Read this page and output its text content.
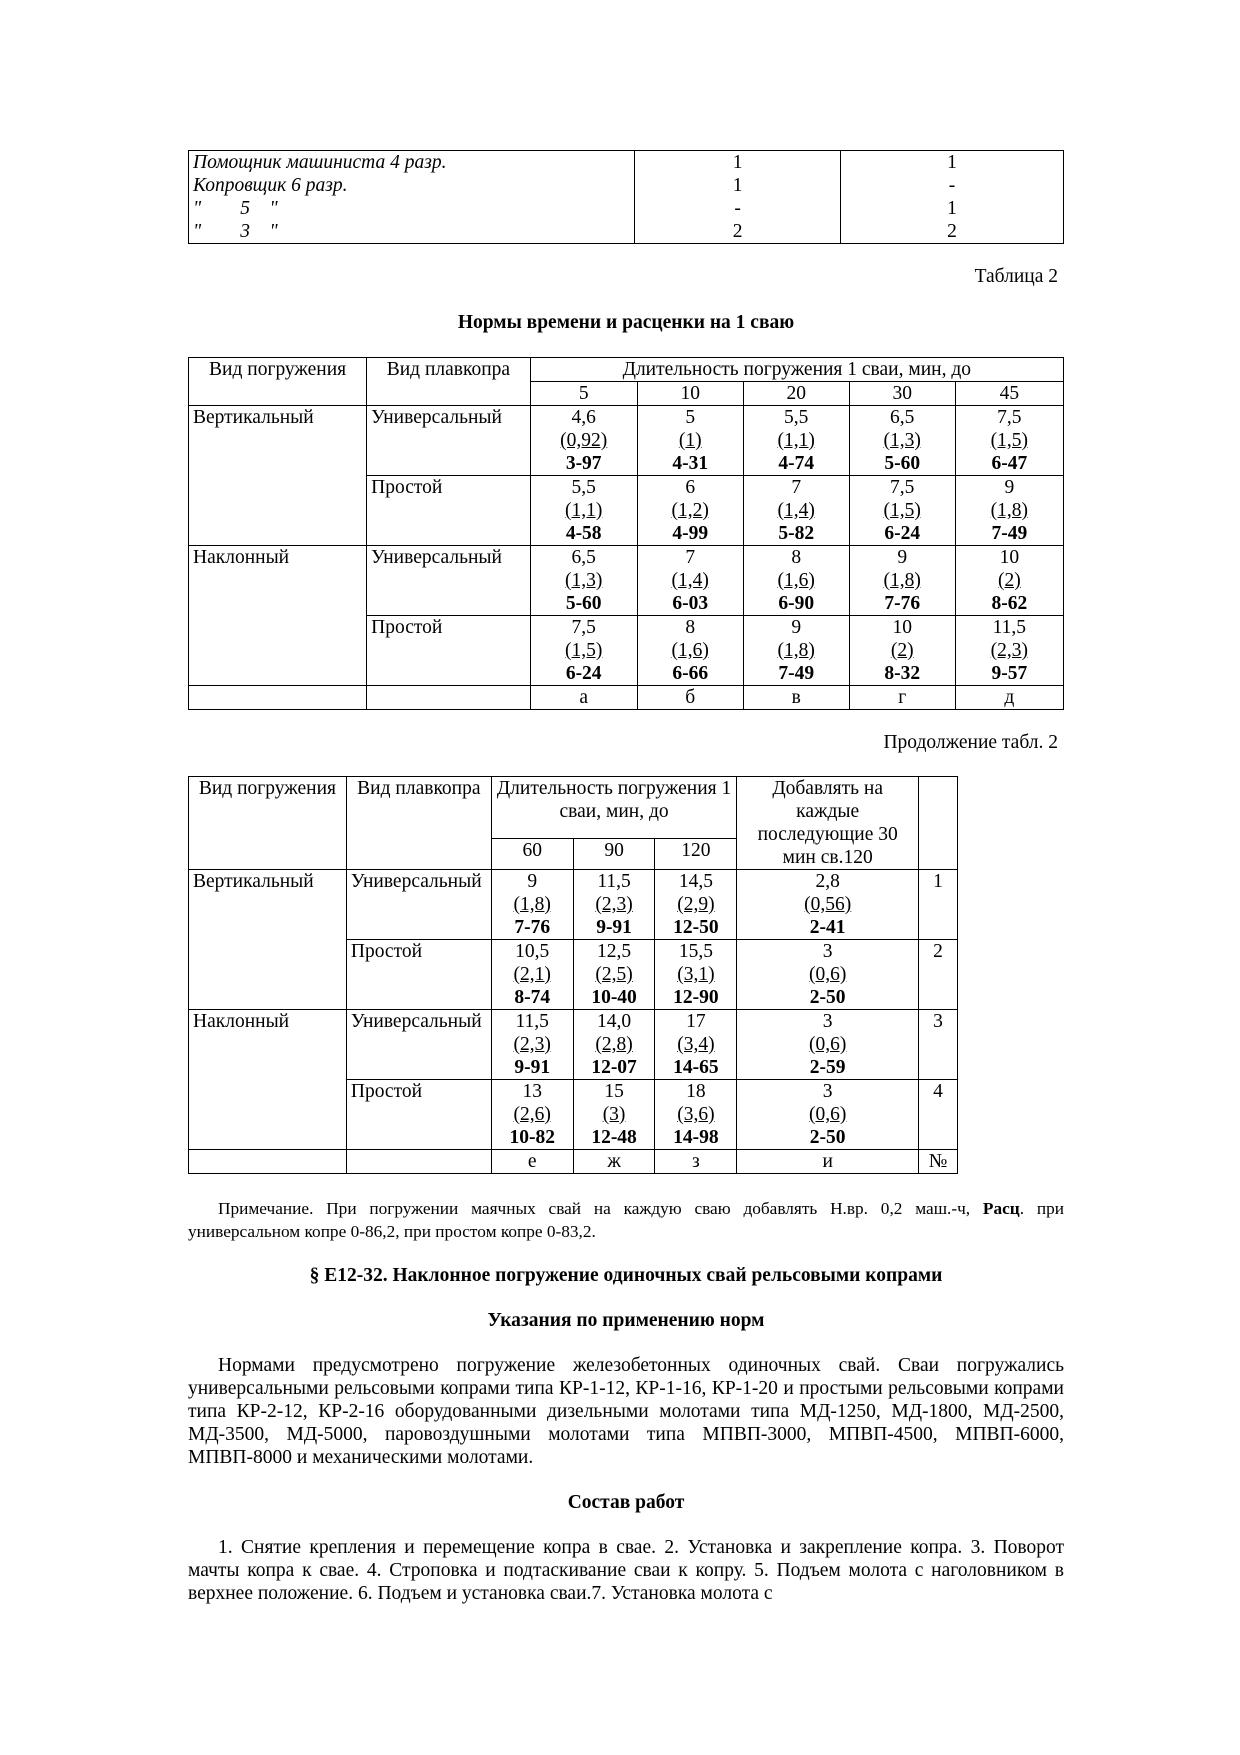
Помощник машиниста 4 разр.	1	1
Копровщик 6 разр.	1	-
"        5    "	-	1
"        3    "	2	2
Таблица 2
Нормы времени и расценки на 1 сваю
Вид погружения	Вид плавкопра	Длительность погружения 1 сваи, мин, до				
		5	10	20	30	45
Вертикальный	Универсальный	4,6
(0,92)
3-97	5
(1)
4-31	5,5
(1,1)
4-74	6,5
(1,3)
5-60	7,5
(1,5)
6-47

	Простой	5,5
(1,1)
4-58	6
(1,2)
4-99	7
(1,4)
5-82	7,5
(1,5)
6-24	9
(1,8)
7-49

Наклонный	Универсальный	6,5
(1,3)
5-60	7
(1,4)
6-03	8
(1,6)
6-90	9
(1,8)
7-76	10
(2)
8-62

	Простой	7,5
(1,5)
6-24	8
(1,6)
6-66	9
(1,8)
7-49	10
(2)
8-32	11,5
(2,3)
9-57

		а	б	в	г	д
Продолжение табл. 2
Вид погружения	Вид плавкопра	Длительность погружения 1 сваи, мин, до			Добавлять на каждые последующие 30 мин св.120	
		60	90	120		
Вертикальный	Универсальный	9
(1,8)
7-76	11,5
(2,3)
9-91	14,5
(2,9)
12-50	2,8
(0,56)
2-41	1
	Простой	10,5
(2,1)
8-74	12,5
(2,5)
10-40	15,5
(3,1)
12-90	3
(0,6)
2-50	2
Наклонный	Универсальный	11,5
(2,3)
9-91	14,0
(2,8)
12-07	17
(3,4)
14-65	3
(0,6)
2-59	3
	Простой	13
(2,6)
10-82	15
(3)
12-48	18
(3,6)
14-98	3
(0,6)
2-50	4
		е	ж	з	и	№

Примечание. При погружении маячных свай на каждую сваю добавлять Н.вр. 0,2 маш.-ч, Расц. при универсальном копре 0-86,2, при простом копре 0-83,2.

§ Е12-32. Наклонное погружение одиночных свай рельсовыми копрами
Указания по применению норм

Нормами предусмотрено погружение железобетонных одиночных свай. Сваи погружались универсальными рельсовыми копрами типа КР-1-12, КР-1-16, КР-1-20 и простыми рельсовыми копрами типа КР-2-12, КР-2-16 оборудованными дизельными молотами типа МД-1250, МД-1800, МД-2500, МД-3500, МД-5000, паровоздушными молотами типа МПВП-3000, МПВП-4500, МПВП-6000, МПВП-8000 и механическими молотами.

Состав работ

1. Снятие крепления и перемещение копра в свае. 2. Установка и закрепление копра. 3. Поворот мачты копра к свае. 4. Строповка и подтаскивание сваи к копру. 5. Подъем молота с наголовником в верхнее положение. 6. Подъем и установка сваи.7. Установка молота с
